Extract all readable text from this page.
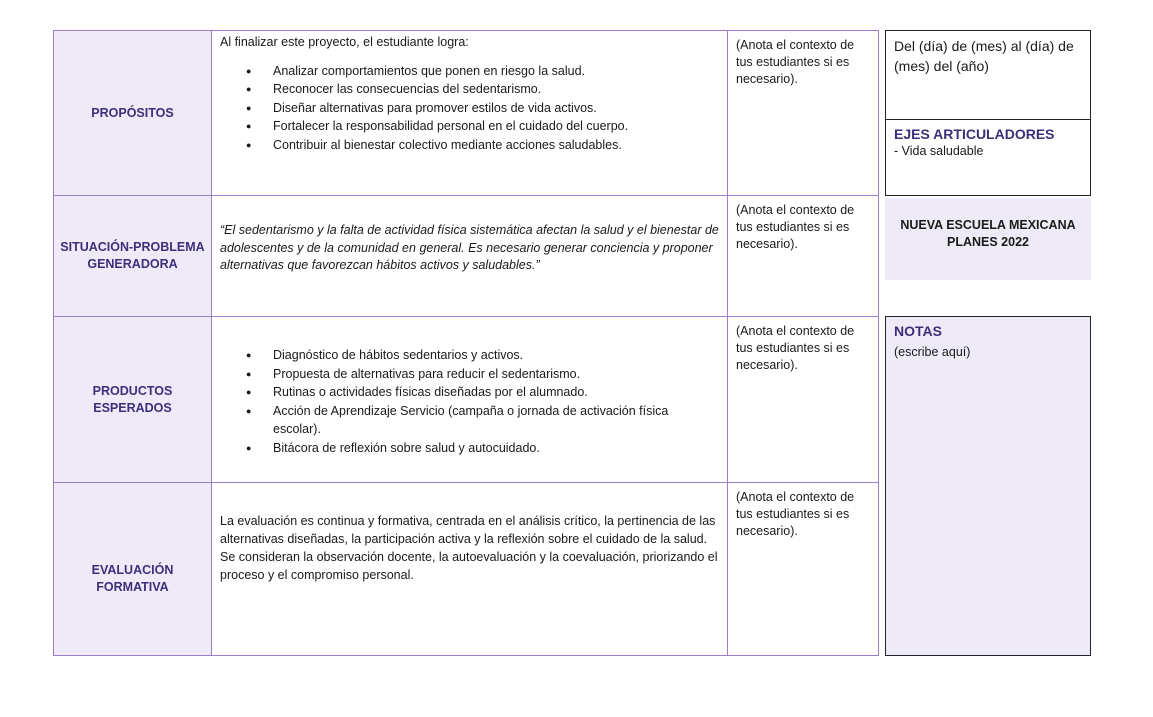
PROPÓSITOS
Al finalizar este proyecto, el estudiante logra:
● Analizar comportamientos que ponen en riesgo la salud.
● Reconocer las consecuencias del sedentarismo.
● Diseñar alternativas para promover estilos de vida activos.
● Fortalecer la responsabilidad personal en el cuidado del cuerpo.
● Contribuir al bienestar colectivo mediante acciones saludables.
(Anota el contexto de tus estudiantes si es necesario).
SITUACIÓN-PROBLEMA GENERADORA
“El sedentarismo y la falta de actividad física sistemática afectan la salud y el bienestar de adolescentes y de la comunidad en general. Es necesario generar conciencia y proponer alternativas que favorezcan hábitos activos y saludables.”
(Anota el contexto de tus estudiantes si es necesario).
PRODUCTOS ESPERADOS
● Diagnóstico de hábitos sedentarios y activos.
● Propuesta de alternativas para reducir el sedentarismo.
● Rutinas o actividades físicas diseñadas por el alumnado.
● Acción de Aprendizaje Servicio (campaña o jornada de activación física escolar).
● Bitácora de reflexión sobre salud y autocuidado.
(Anota el contexto de tus estudiantes si es necesario).
EVALUACIÓN FORMATIVA
La evaluación es continua y formativa, centrada en el análisis crítico, la pertinencia de las alternativas diseñadas, la participación activa y la reflexión sobre el cuidado de la salud. Se consideran la observación docente, la autoevaluación y la coevaluación, priorizando el proceso y el compromiso personal.
(Anota el contexto de tus estudiantes si es necesario).
Del (día) de (mes) al (día) de (mes) del (año)
EJES ARTICULADORES
- Vida saludable
NUEVA ESCUELA MEXICANA
PLANES 2022
NOTAS
(escribe aquí)
